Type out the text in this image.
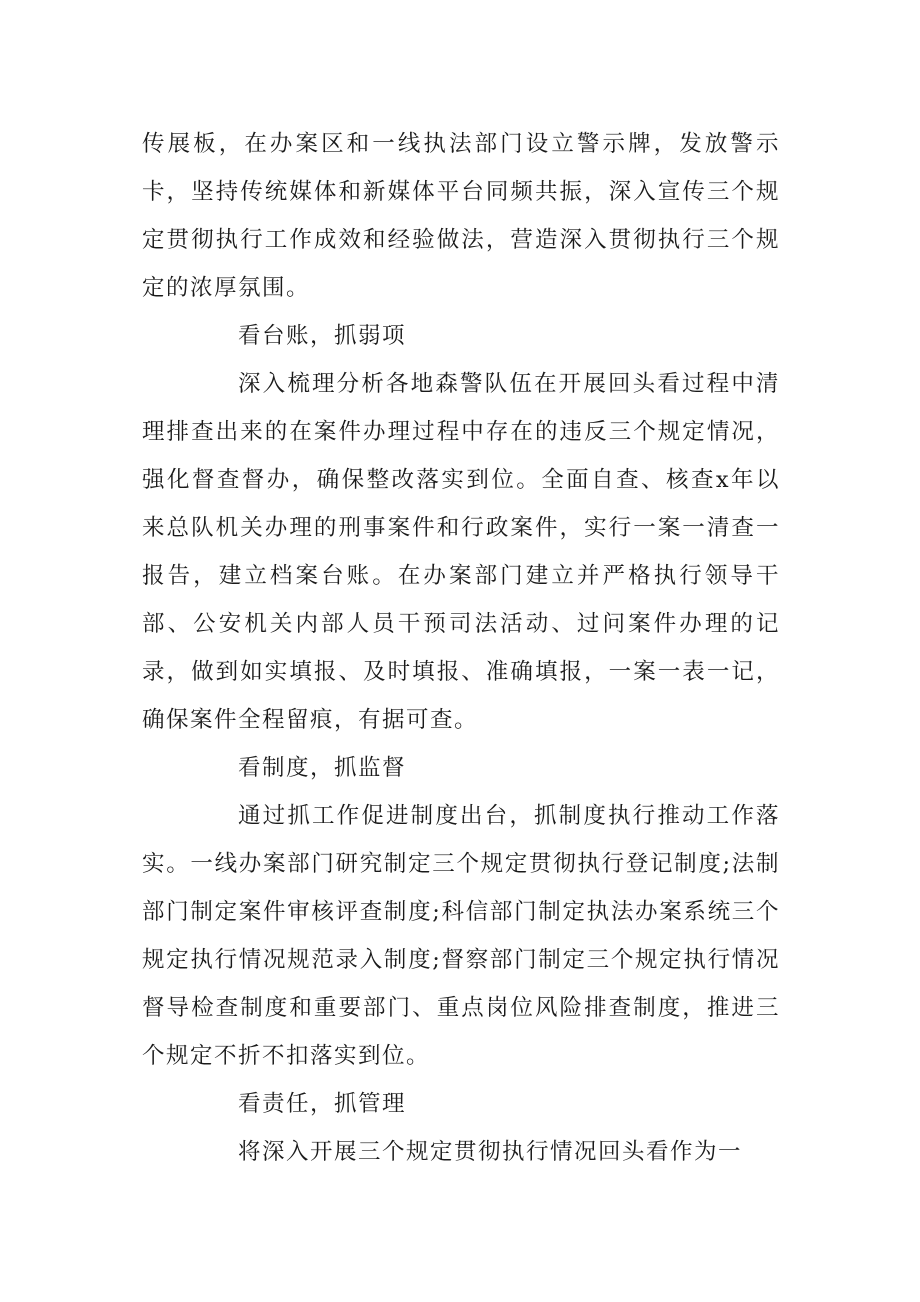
传展板，在办案区和一线执法部门设立警示牌，发放警示卡，坚持传统媒体和新媒体平台同频共振，深入宣传三个规定贯彻执行工作成效和经验做法，营造深入贯彻执行三个规定的浓厚氛围。

看台账，抓弱项

深入梳理分析各地森警队伍在开展回头看过程中清理排查出来的在案件办理过程中存在的违反三个规定情况，强化督查督办，确保整改落实到位。全面自查、核查x年以来总队机关办理的刑事案件和行政案件，实行一案一清查一报告，建立档案台账。在办案部门建立并严格执行领导干部、公安机关内部人员干预司法活动、过问案件办理的记录，做到如实填报、及时填报、准确填报，一案一表一记，确保案件全程留痕，有据可查。

看制度，抓监督

通过抓工作促进制度出台，抓制度执行推动工作落实。一线办案部门研究制定三个规定贯彻执行登记制度;法制部门制定案件审核评查制度;科信部门制定执法办案系统三个规定执行情况规范录入制度;督察部门制定三个规定执行情况督导检查制度和重要部门、重点岗位风险排查制度，推进三个规定不折不扣落实到位。

看责任，抓管理

将深入开展三个规定贯彻执行情况回头看作为一
